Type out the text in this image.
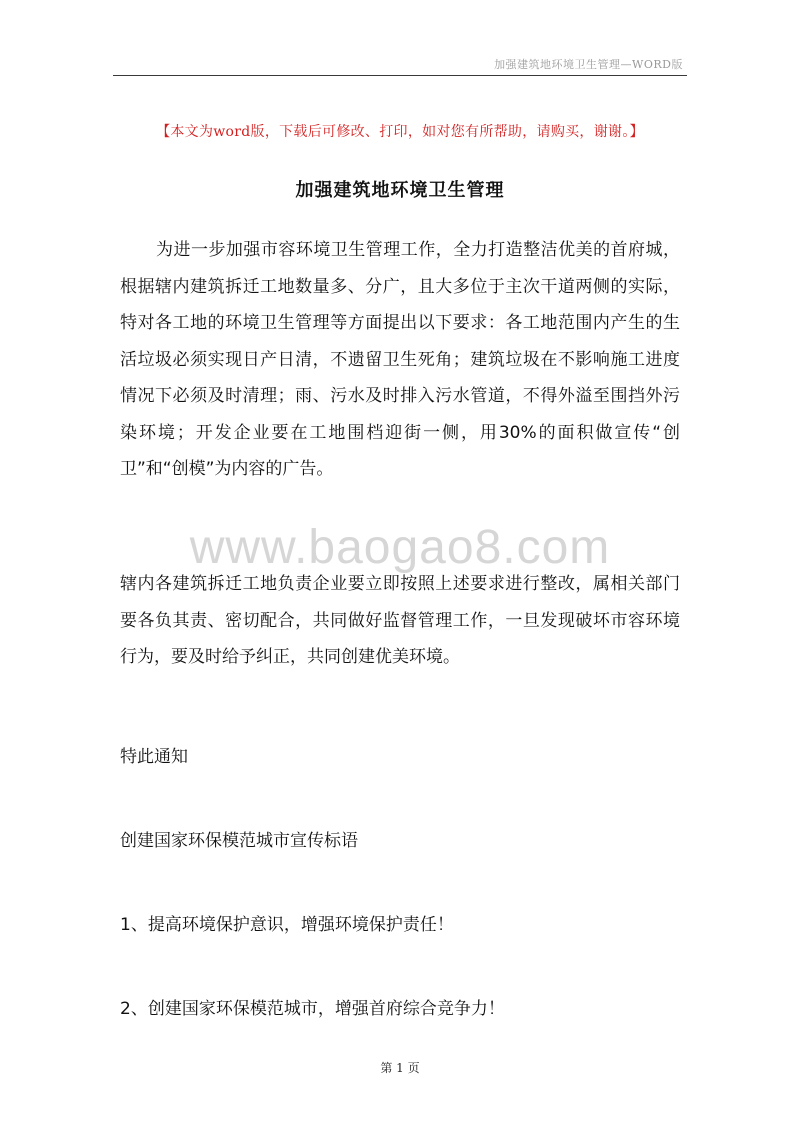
加强建筑地环境卫生管理—WORD版
【本文为word版，下载后可修改、打印，如对您有所帮助，请购买，谢谢。】
加强建筑地环境卫生管理

为进一步加强市容环境卫生管理工作，全力打造整洁优美的首府城，根据辖内建筑拆迁工地数量多、分广，且大多位于主次干道两侧的实际，特对各工地的环境卫生管理等方面提出以下要求：各工地范围内产生的生活垃圾必须实现日产日清，不遗留卫生死角；建筑垃圾在不影响施工进度情况下必须及时清理；雨、污水及时排入污水管道，不得外溢至围挡外污染环境；开发企业要在工地围档迎街一侧，用30%的面积做宣传“创卫”和“创模”为内容的广告。

www.baogao8.com

辖内各建筑拆迁工地负责企业要立即按照上述要求进行整改，属相关部门要各负其责、密切配合，共同做好监督管理工作，一旦发现破坏市容环境行为，要及时给予纠正，共同创建优美环境。

特此通知
创建国家环保模范城市宣传标语
1、提高环境保护意识，增强环境保护责任！
2、创建国家环保模范城市，增强首府综合竞争力！
第 1 页
